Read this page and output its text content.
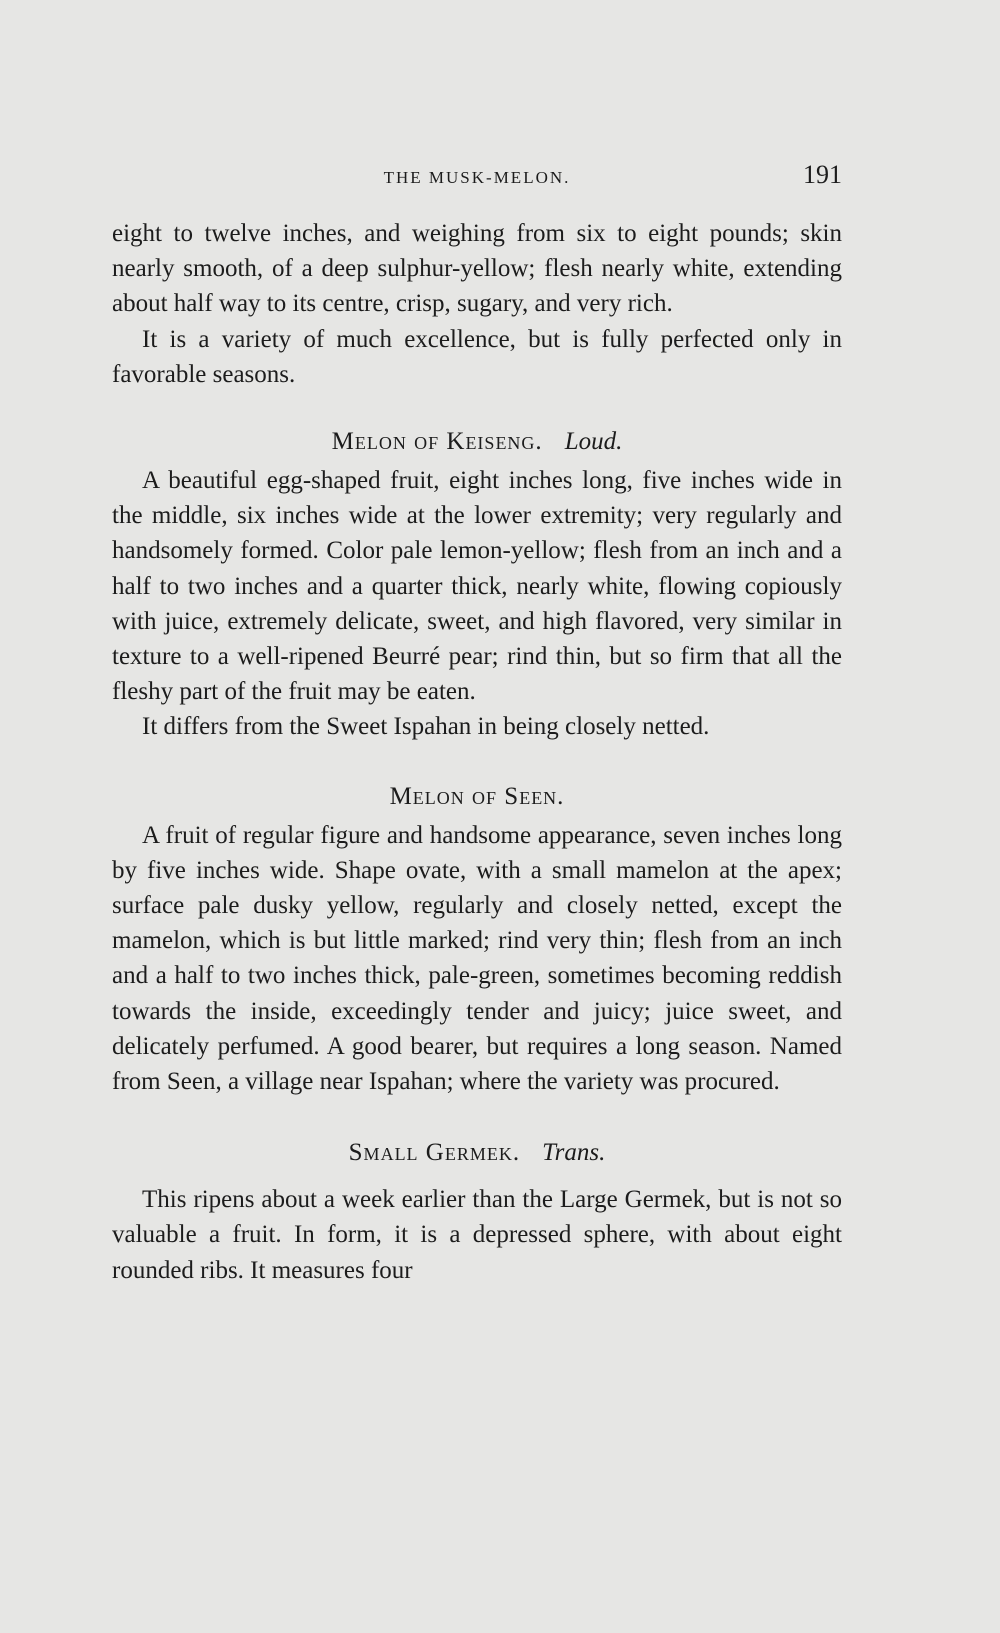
THE MUSK-MELON.	191

eight to twelve inches, and weighing from six to eight pounds; skin nearly smooth, of a deep sulphur-yellow; flesh nearly white, extending about half way to its centre, crisp, sugary, and very rich.

It is a variety of much excellence, but is fully perfected only in favorable seasons.

Melon of Keiseng. Loud.

A beautiful egg-shaped fruit, eight inches long, five inches wide in the middle, six inches wide at the lower extremity; very regularly and handsomely formed. Color pale lemon-yellow; flesh from an inch and a half to two inches and a quarter thick, nearly white, flowing copiously with juice, extremely delicate, sweet, and high flavored, very similar in texture to a well-ripened Beurré pear; rind thin, but so firm that all the fleshy part of the fruit may be eaten.

It differs from the Sweet Ispahan in being closely netted.

Melon of Seen.

A fruit of regular figure and handsome appearance, seven inches long by five inches wide. Shape ovate, with a small mamelon at the apex; surface pale dusky yellow, regularly and closely netted, except the mamelon, which is but little marked; rind very thin; flesh from an inch and a half to two inches thick, pale-green, sometimes becoming reddish towards the inside, exceedingly tender and juicy; juice sweet, and delicately perfumed. A good bearer, but requires a long season. Named from Seen, a village near Ispahan; where the variety was procured.

Small Germek. Trans.

This ripens about a week earlier than the Large Germek, but is not so valuable a fruit. In form, it is a depressed sphere, with about eight rounded ribs. It measures four
